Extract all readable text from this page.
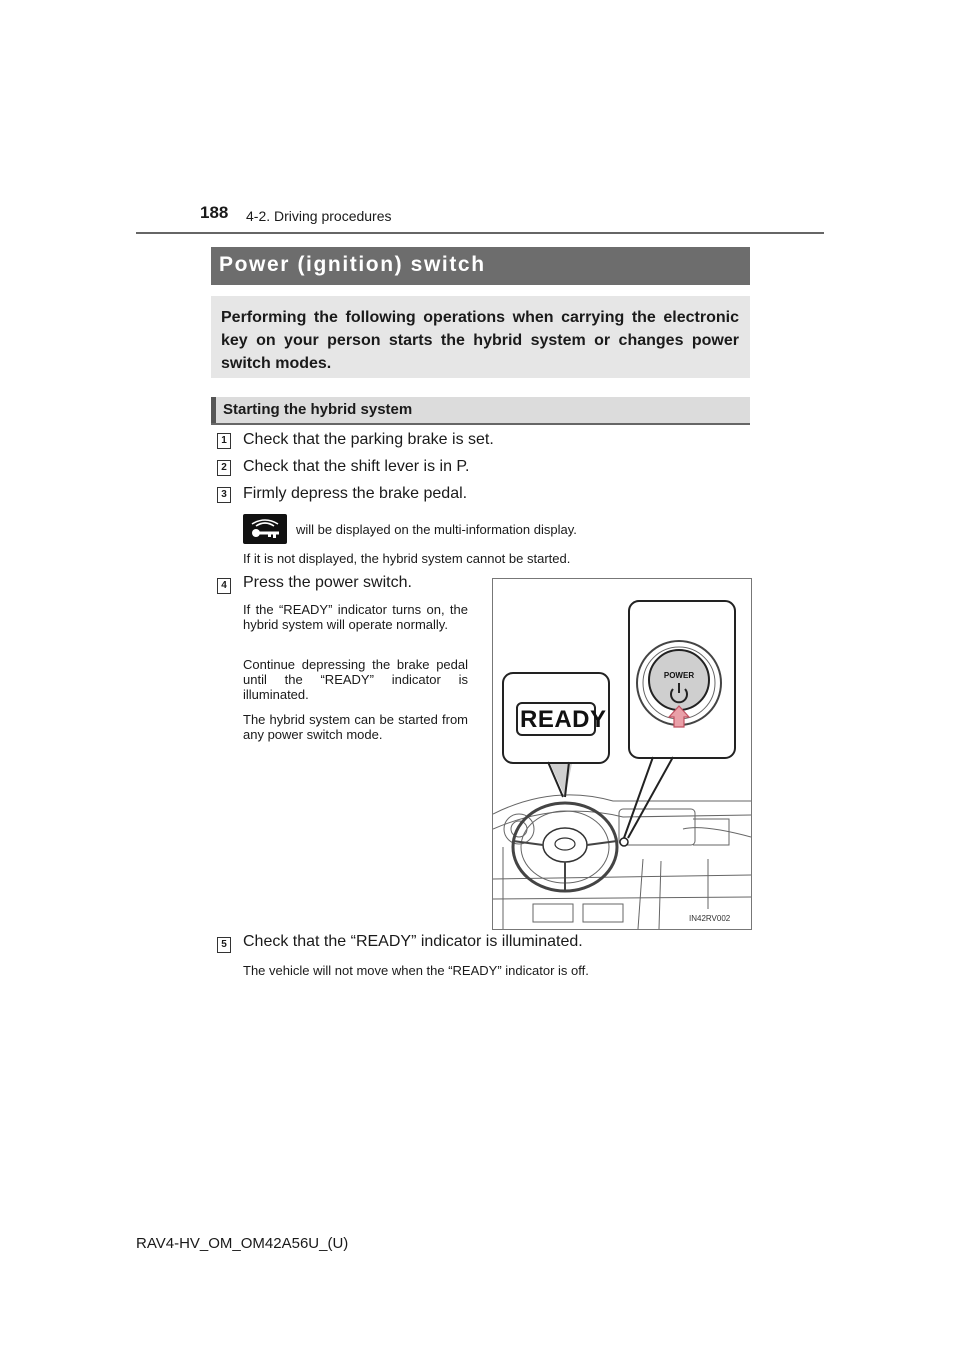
188 4-2. Driving procedures
Power (ignition) switch

Performing the following operations when carrying the electronic key on your person starts the hybrid system or changes power switch modes.

Starting the hybrid system
1 Check that the parking brake is set.
2 Check that the shift lever is in P.
3 Firmly depress the brake pedal.
will be displayed on the multi-information display.
If it is not displayed, the hybrid system cannot be started.
4 Press the power switch.

If the “READY” indicator turns on, the hybrid system will operate normally.

Continue depressing the brake pedal until the “READY” indicator is illuminated.

The hybrid system can be started from any power switch mode.

READY
POWER
IN42RV002
5 Check that the “READY” indicator is illuminated.
The vehicle will not move when the “READY” indicator is off.
RAV4-HV_OM_OM42A56U_(U)
